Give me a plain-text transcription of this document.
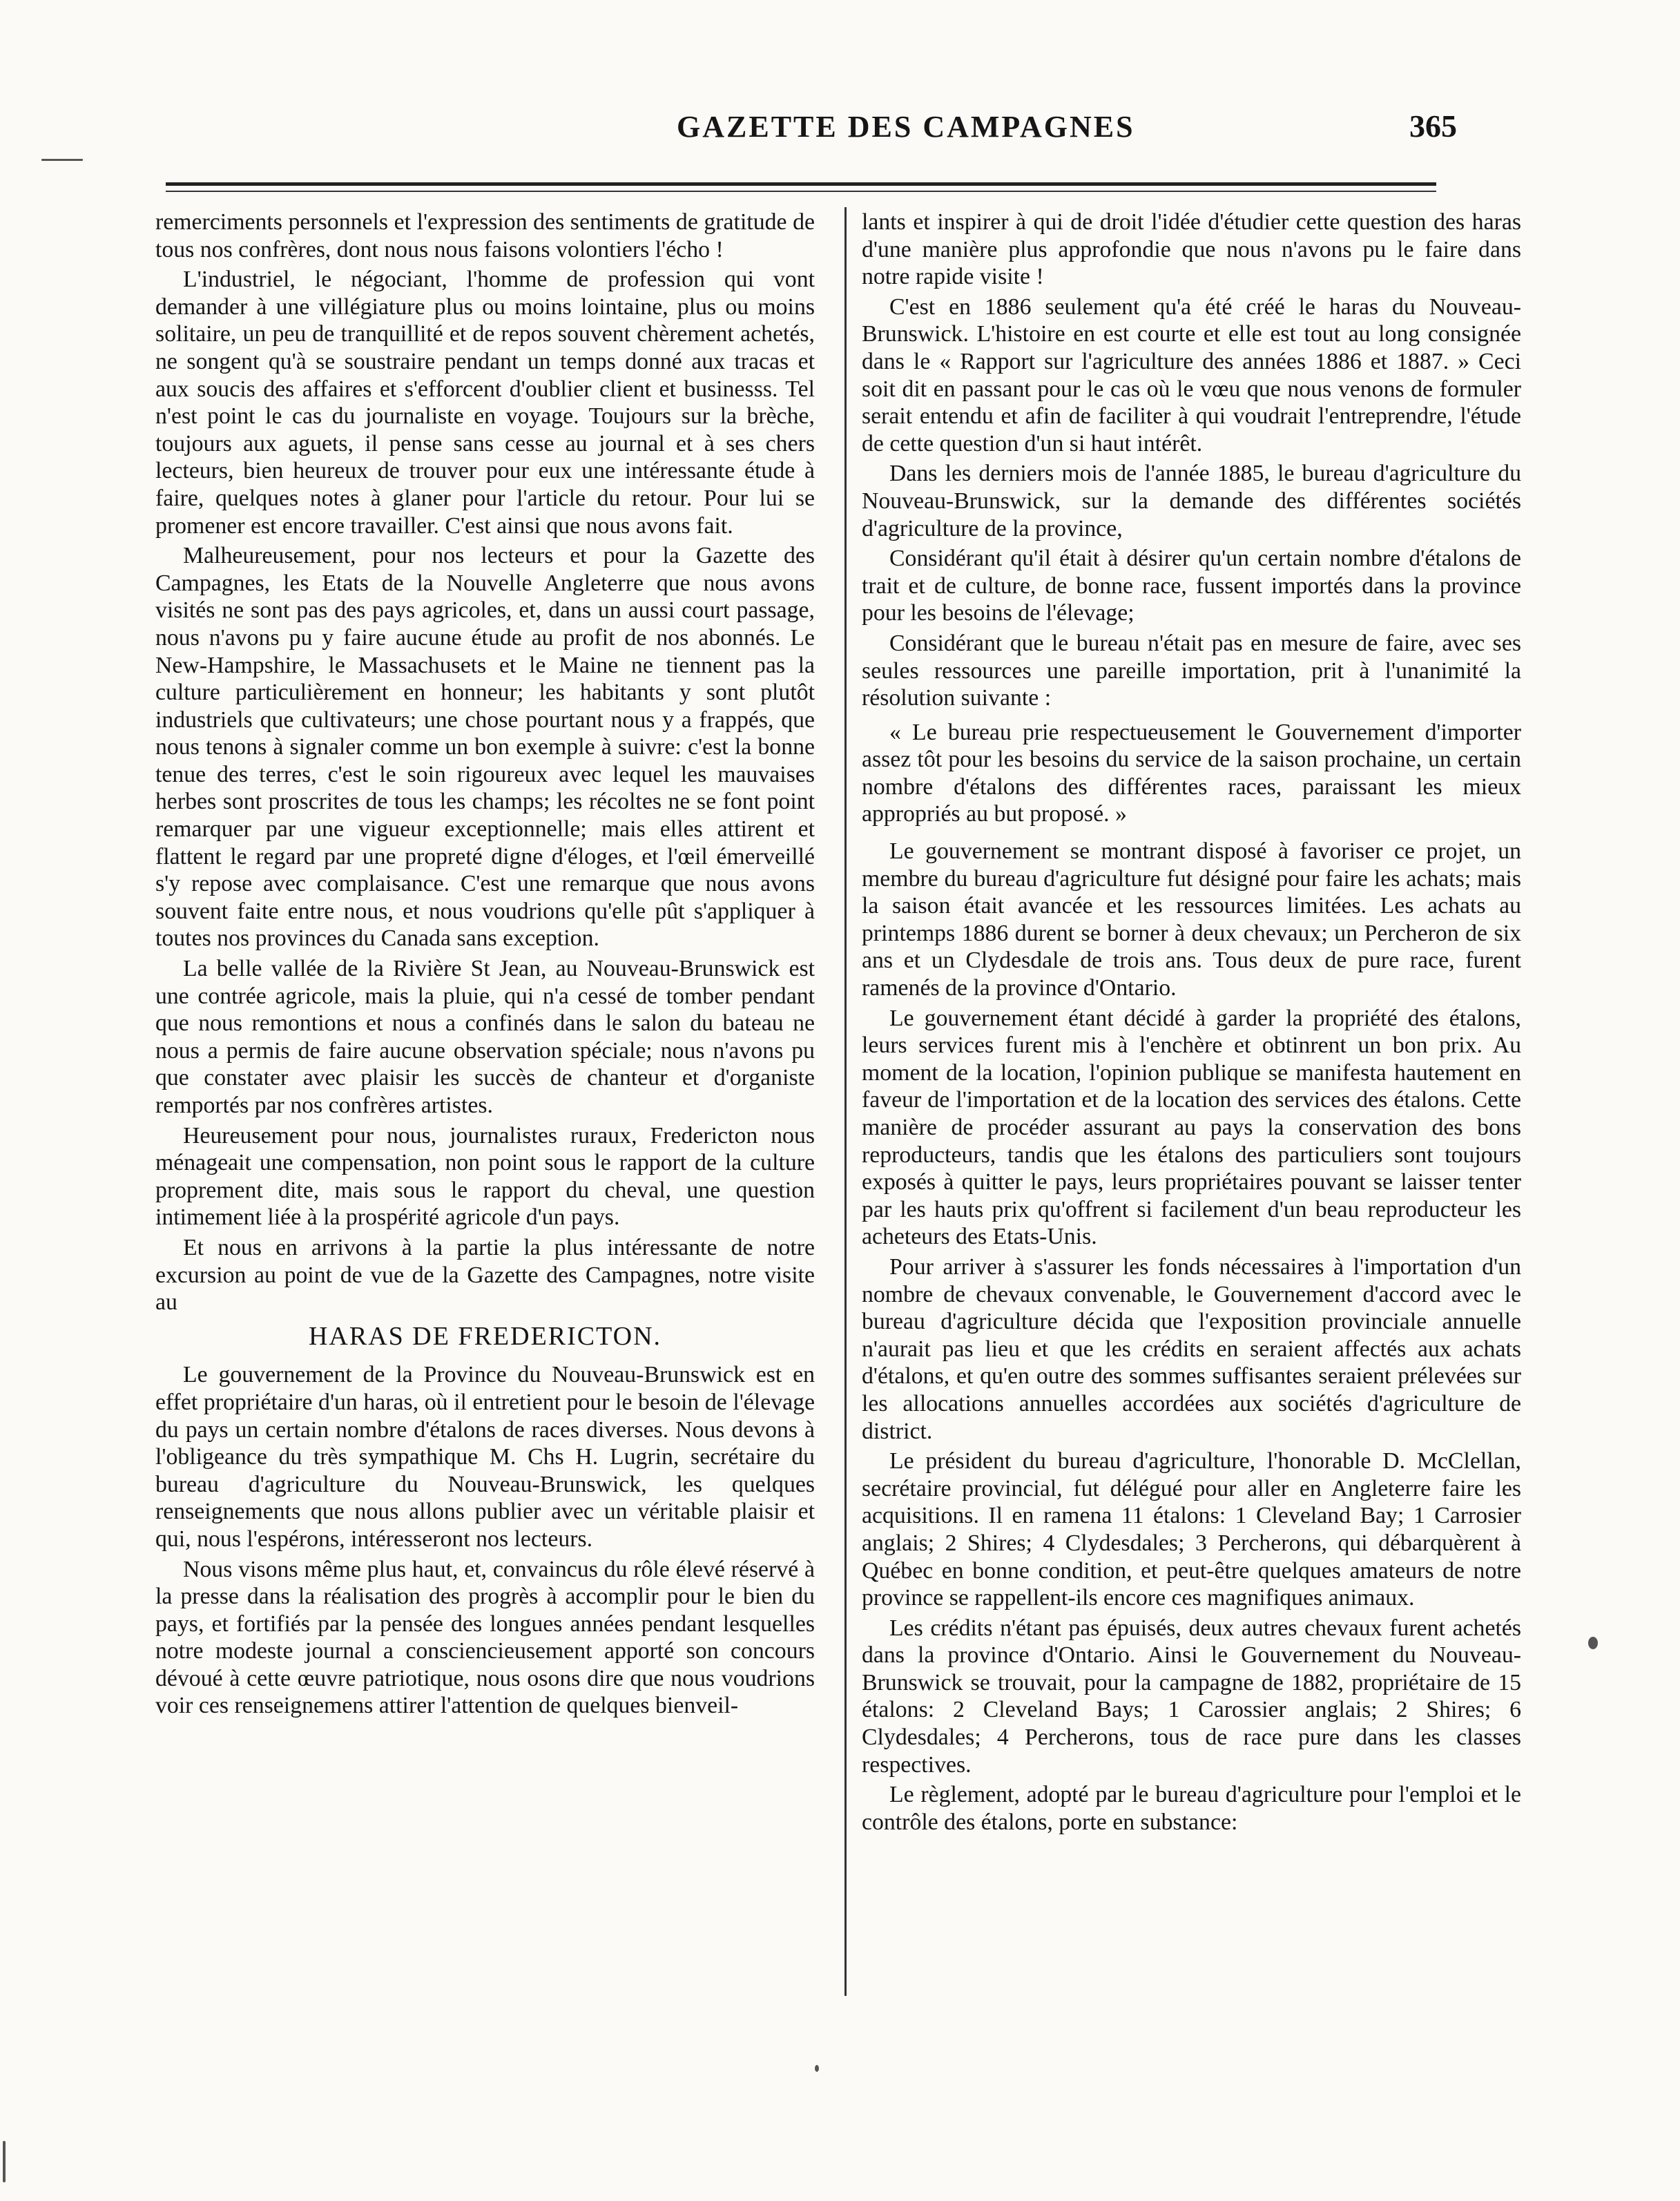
GAZETTE DES CAMPAGNES	365

remerciments personnels et l'expression des sentiments de gratitude de tous nos confrères, dont nous nous faisons volontiers l'écho !

L'industriel, le négociant, l'homme de profession qui vont demander à une villégiature plus ou moins lointaine, plus ou moins solitaire, un peu de tranquillité et de repos souvent chèrement achetés, ne songent qu'à se soustraire pendant un temps donné aux tracas et aux soucis des affaires et s'efforcent d'oublier client et businesss. Tel n'est point le cas du journaliste en voyage. Toujours sur la brèche, toujours aux aguets, il pense sans cesse au journal et à ses chers lecteurs, bien heureux de trouver pour eux une intéressante étude à faire, quelques notes à glaner pour l'article du retour. Pour lui se promener est encore travailler. C'est ainsi que nous avons fait.

Malheureusement, pour nos lecteurs et pour la Gazette des Campagnes, les Etats de la Nouvelle Angleterre que nous avons visités ne sont pas des pays agricoles, et, dans un aussi court passage, nous n'avons pu y faire aucune étude au profit de nos abonnés. Le New-Hampshire, le Massachusets et le Maine ne tiennent pas la culture particulièrement en honneur; les habitants y sont plutôt industriels que cultivateurs; une chose pourtant nous y a frappés, que nous tenons à signaler comme un bon exemple à suivre: c'est la bonne tenue des terres, c'est le soin rigoureux avec lequel les mauvaises herbes sont proscrites de tous les champs; les récoltes ne se font point remarquer par une vigueur exceptionnelle; mais elles attirent et flattent le regard par une propreté digne d'éloges, et l'œil émerveillé s'y repose avec complaisance. C'est une remarque que nous avons souvent faite entre nous, et nous voudrions qu'elle pût s'appliquer à toutes nos provinces du Canada sans exception.

La belle vallée de la Rivière St Jean, au Nouveau-Brunswick est une contrée agricole, mais la pluie, qui n'a cessé de tomber pendant que nous remontions et nous a confinés dans le salon du bateau ne nous a permis de faire aucune observation spéciale; nous n'avons pu que constater avec plaisir les succès de chanteur et d'organiste remportés par nos confrères artistes.

Heureusement pour nous, journalistes ruraux, Fredericton nous ménageait une compensation, non point sous le rapport de la culture proprement dite, mais sous le rapport du cheval, une question intimement liée à la prospérité agricole d'un pays.

Et nous en arrivons à la partie la plus intéressante de notre excursion au point de vue de la Gazette des Campagnes, notre visite au

HARAS DE FREDERICTON.

Le gouvernement de la Province du Nouveau-Brunswick est en effet propriétaire d'un haras, où il entretient pour le besoin de l'élevage du pays un certain nombre d'étalons de races diverses. Nous devons à l'obligeance du très sympathique M. Chs H. Lugrin, secrétaire du bureau d'agriculture du Nouveau-Brunswick, les quelques renseignements que nous allons publier avec un véritable plaisir et qui, nous l'espérons, intéresseront nos lecteurs.

Nous visons même plus haut, et, convaincus du rôle élevé réservé à la presse dans la réalisation des progrès à accomplir pour le bien du pays, et fortifiés par la pensée des longues années pendant lesquelles notre modeste journal a consciencieusement apporté son concours dévoué à cette œuvre patriotique, nous osons dire que nous voudrions voir ces renseignemens attirer l'attention de quelques bienveil-

lants et inspirer à qui de droit l'idée d'étudier cette question des haras d'une manière plus approfondie que nous n'avons pu le faire dans notre rapide visite !

C'est en 1886 seulement qu'a été créé le haras du Nouveau-Brunswick. L'histoire en est courte et elle est tout au long consignée dans le « Rapport sur l'agriculture des années 1886 et 1887. » Ceci soit dit en passant pour le cas où le vœu que nous venons de formuler serait entendu et afin de faciliter à qui voudrait l'entreprendre, l'étude de cette question d'un si haut intérêt.

Dans les derniers mois de l'année 1885, le bureau d'agriculture du Nouveau-Brunswick, sur la demande des différentes sociétés d'agriculture de la province,

Considérant qu'il était à désirer qu'un certain nombre d'étalons de trait et de culture, de bonne race, fussent importés dans la province pour les besoins de l'élevage;

Considérant que le bureau n'était pas en mesure de faire, avec ses seules ressources une pareille importation, prit à l'unanimité la résolution suivante :

« Le bureau prie respectueusement le Gouvernement d'importer assez tôt pour les besoins du service de la saison prochaine, un certain nombre d'étalons des différentes races, paraissant les mieux appropriés au but proposé. »

Le gouvernement se montrant disposé à favoriser ce projet, un membre du bureau d'agriculture fut désigné pour faire les achats; mais la saison était avancée et les ressources limitées. Les achats au printemps 1886 durent se borner à deux chevaux; un Percheron de six ans et un Clydesdale de trois ans. Tous deux de pure race, furent ramenés de la province d'Ontario.

Le gouvernement étant décidé à garder la propriété des étalons, leurs services furent mis à l'enchère et obtinrent un bon prix. Au moment de la location, l'opinion publique se manifesta hautement en faveur de l'importation et de la location des services des étalons. Cette manière de procéder assurant au pays la conservation des bons reproducteurs, tandis que les étalons des particuliers sont toujours exposés à quitter le pays, leurs propriétaires pouvant se laisser tenter par les hauts prix qu'offrent si facilement d'un beau reproducteur les acheteurs des Etats-Unis.

Pour arriver à s'assurer les fonds nécessaires à l'importation d'un nombre de chevaux convenable, le Gouvernement d'accord avec le bureau d'agriculture décida que l'exposition provinciale annuelle n'aurait pas lieu et que les crédits en seraient affectés aux achats d'étalons, et qu'en outre des sommes suffisantes seraient prélevées sur les allocations annuelles accordées aux sociétés d'agriculture de district.

Le président du bureau d'agriculture, l'honorable D. McClellan, secrétaire provincial, fut délégué pour aller en Angleterre faire les acquisitions. Il en ramena 11 étalons: 1 Cleveland Bay; 1 Carrosier anglais; 2 Shires; 4 Clydesdales; 3 Percherons, qui débarquèrent à Québec en bonne condition, et peut-être quelques amateurs de notre province se rappellent-ils encore ces magnifiques animaux.

Les crédits n'étant pas épuisés, deux autres chevaux furent achetés dans la province d'Ontario. Ainsi le Gouvernement du Nouveau-Brunswick se trouvait, pour la campagne de 1882, propriétaire de 15 étalons: 2 Cleveland Bays; 1 Carossier anglais; 2 Shires; 6 Clydesdales; 4 Percherons, tous de race pure dans les classes respectives.

Le règlement, adopté par le bureau d'agriculture pour l'emploi et le contrôle des étalons, porte en substance:
